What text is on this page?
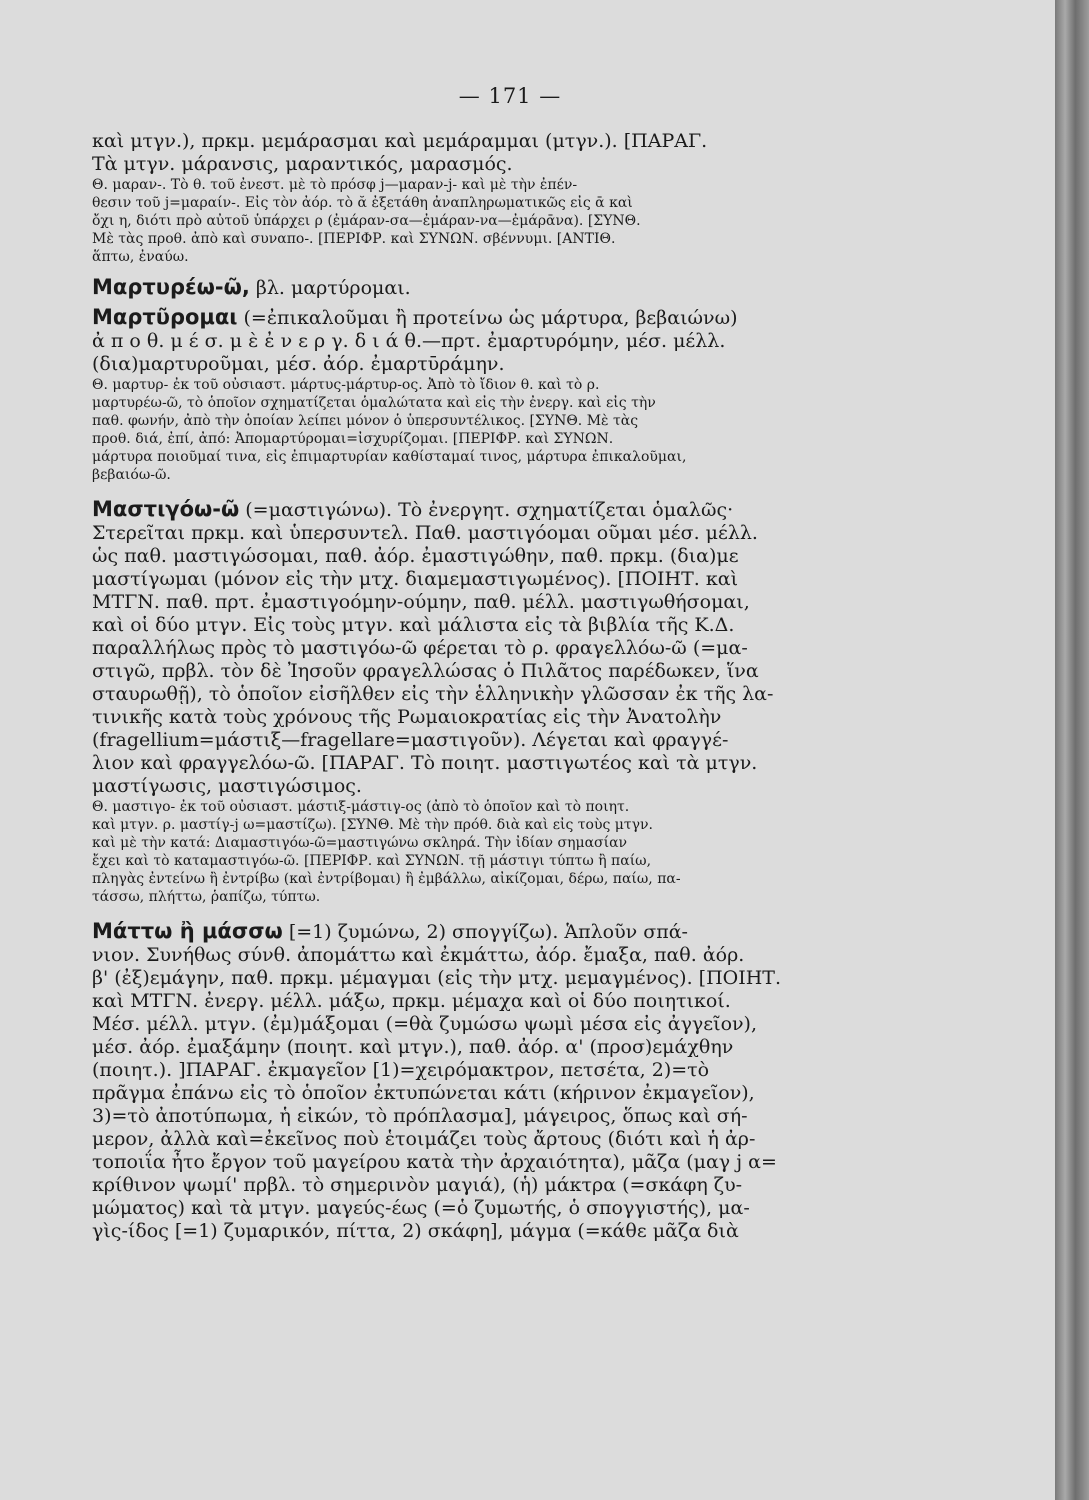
— 171 —
καὶ μτγν.), πρκμ. μεμάρασμαι καὶ μεμάραμμαι (μτγν.). [ΠΑΡΑΓ.
Τὰ μτγν. μάρανσις, μαραντικός, μαρασμός.
Θ. μαραν-. Τὸ θ. τοῦ ἐνεστ. μὲ τὸ πρόσφ j—μαραν-j- καὶ μὲ τὴν ἐπέν-
θεσιν τοῦ j=μαραίν-. Εἰς τὸν ἀόρ. τὸ ᾰ ἐξετάθη ἀναπληρωματικῶς εἰς ᾱ καὶ
ὄχι η, διότι πρὸ αὐτοῦ ὑπάρχει ρ (ἐμάραν-σα—ἐμάραν-να—ἐμάρᾱνα). [ΣΥΝΘ.
Μὲ τὰς προθ. ἀπὸ καὶ συναπο-. [ΠΕΡΙΦΡ. καὶ ΣΥΝΩΝ. σβέννυμι. [ΑΝΤΙΘ.
ἅπτω, ἐναύω.
Μαρτυρέω-ῶ, βλ. μαρτύρομαι.
Μαρτῦρομαι (=ἐπικαλοῦμαι ἢ προτείνω ὡς μάρτυρα, βεβαιώνω)
ἀ π ο θ. μ έ σ. μ ὲ ἐ ν ε ρ γ. δ ι ά θ.—πρτ. ἐμαρτυρόμην, μέσ. μέλλ.
(δια)μαρτυροῦμαι, μέσ. ἀόρ. ἐμαρτῡράμην.
Θ. μαρτυρ- ἐκ τοῦ οὐσιαστ. μάρτυς-μάρτυρ-ος. Ἀπὸ τὸ ἴδιον θ. καὶ τὸ ρ.
μαρτυρέω-ῶ, τὸ ὁποῖον σχηματίζεται ὁμαλώτατα καὶ εἰς τὴν ἐνεργ. καὶ εἰς τὴν
παθ. φωνήν, ἀπὸ τὴν ὁποίαν λείπει μόνον ὁ ὑπερσυντέλικος. [ΣΥΝΘ. Μὲ τὰς
προθ. διά, ἐπί, ἀπό: Ἀπομαρτύρομαι=ἰσχυρίζομαι. [ΠΕΡΙΦΡ. καὶ ΣΥΝΩΝ.
μάρτυρα ποιοῦμαί τινα, εἰς ἐπιμαρτυρίαν καθίσταμαί τινος, μάρτυρα ἐπικαλοῦμαι,
βεβαιόω-ῶ.
Μαστιγόω-ῶ (=μαστιγώνω). Τὸ ἐνεργητ. σχηματίζεται ὁμαλῶς·
Στερεῖται πρκμ. καὶ ὑπερσυντελ. Παθ. μαστιγόομαι οῦμαι μέσ. μέλλ.
ὡς παθ. μαστιγώσομαι, παθ. ἀόρ. ἐμαστιγώθην, παθ. πρκμ. (δια)με
μαστίγωμαι (μόνον εἰς τὴν μτχ. διαμεμαστιγωμένος). [ΠΟΙΗΤ. καὶ
ΜΤΓΝ. παθ. πρτ. ἐμαστιγοόμην-ούμην, παθ. μέλλ. μαστιγωθήσομαι,
καὶ οἱ δύο μτγν. Εἰς τοὺς μτγν. καὶ μάλιστα εἰς τὰ βιβλία τῆς Κ.Δ.
παραλλήλως πρὸς τὸ μαστιγόω-ῶ φέρεται τὸ ρ. φραγελλόω-ῶ (=μα-
στιγῶ, πρβλ. τὸν δὲ Ἰησοῦν φραγελλώσας ὁ Πιλᾶτος παρέδωκεν, ἵνα
σταυρωθῇ), τὸ ὁποῖον εἰσῆλθεν εἰς τὴν ἑλληνικὴν γλῶσσαν ἐκ τῆς λα-
τινικῆς κατὰ τοὺς χρόνους τῆς Ρωμαιοκρατίας εἰς τὴν Ἀνατολὴν
(fragellium=μάστιξ—fragellare=μαστιγοῦν). Λέγεται καὶ φραγγέ-
λιον καὶ φραγγελόω-ῶ. [ΠΑΡΑΓ. Τὸ ποιητ. μαστιγωτέος καὶ τὰ μτγν.
μαστίγωσις, μαστιγώσιμος.
Θ. μαστιγο- ἐκ τοῦ οὐσιαστ. μάστιξ-μάστιγ-ος (ἀπὸ τὸ ὁποῖον καὶ τὸ ποιητ.
καὶ μτγν. ρ. μαστίγ-j ω=μαστίζω). [ΣΥΝΘ. Μὲ τὴν πρόθ. διὰ καὶ εἰς τοὺς μτγν.
καὶ μὲ τὴν κατά: Διαμαστιγόω-ῶ=μαστιγώνω σκληρά. Τὴν ἰδίαν σημασίαν
ἔχει καὶ τὸ καταμαστιγόω-ῶ. [ΠΕΡΙΦΡ. καὶ ΣΥΝΩΝ. τῇ μάστιγι τύπτω ἢ παίω,
πληγὰς ἐντείνω ἢ ἐντρίβω (καὶ ἐντρίβομαι) ἢ ἐμβάλλω, αἰκίζομαι, δέρω, παίω, πα-
τάσσω, πλήττω, ῥαπίζω, τύπτω.
Μάττω ἢ μάσσω [=1) ζυμώνω, 2) σπογγίζω). Ἁπλοῦν σπά-
νιον. Συνήθως σύνθ. ἀπομάττω καὶ ἐκμάττω, ἀόρ. ἔμαξα, παθ. ἀόρ.
β' (ἐξ)εμάγην, παθ. πρκμ. μέμαγμαι (εἰς τὴν μτχ. μεμαγμένος). [ΠΟΙΗΤ.
καὶ ΜΤΓΝ. ἐνεργ. μέλλ. μάξω, πρκμ. μέμαχα καὶ οἱ δύο ποιητικοί.
Μέσ. μέλλ. μτγν. (ἐμ)μάξομαι (=θὰ ζυμώσω ψωμὶ μέσα εἰς ἀγγεῖον),
μέσ. ἀόρ. ἐμαξάμην (ποιητ. καὶ μτγν.), παθ. ἀόρ. α' (προσ)εμάχθην
(ποιητ.). ]ΠΑΡΑΓ. ἐκμαγεῖον [1)=χειρόμακτρον, πετσέτα, 2)=τὸ
πρᾶγμα ἐπάνω εἰς τὸ ὁποῖον ἐκτυπώνεται κάτι (κήρινον ἐκμαγεῖον),
3)=τὸ ἀποτύπωμα, ἡ εἰκών, τὸ πρόπλασμα], μάγειρος, ὅπως καὶ σή-
μερον, ἀλλὰ καὶ=ἐκεῖνος ποὺ ἑτοιμάζει τοὺς ἄρτους (διότι καὶ ἡ ἀρ-
τοποιΐα ἦτο ἔργον τοῦ μαγείρου κατὰ τὴν ἀρχαιότητα), μᾶζα (μαγ j α=
κρίθινον ψωμί' πρβλ. τὸ σημερινὸν μαγιά), (ἡ) μάκτρα (=σκάφη ζυ-
μώματος) καὶ τὰ μτγν. μαγεύς-έως (=ὁ ζυμωτής, ὁ σπογγιστής), μα-
γὶς-ίδος [=1) ζυμαρικόν, πίττα, 2) σκάφη], μάγμα (=κάθε μᾶζα διὰ
